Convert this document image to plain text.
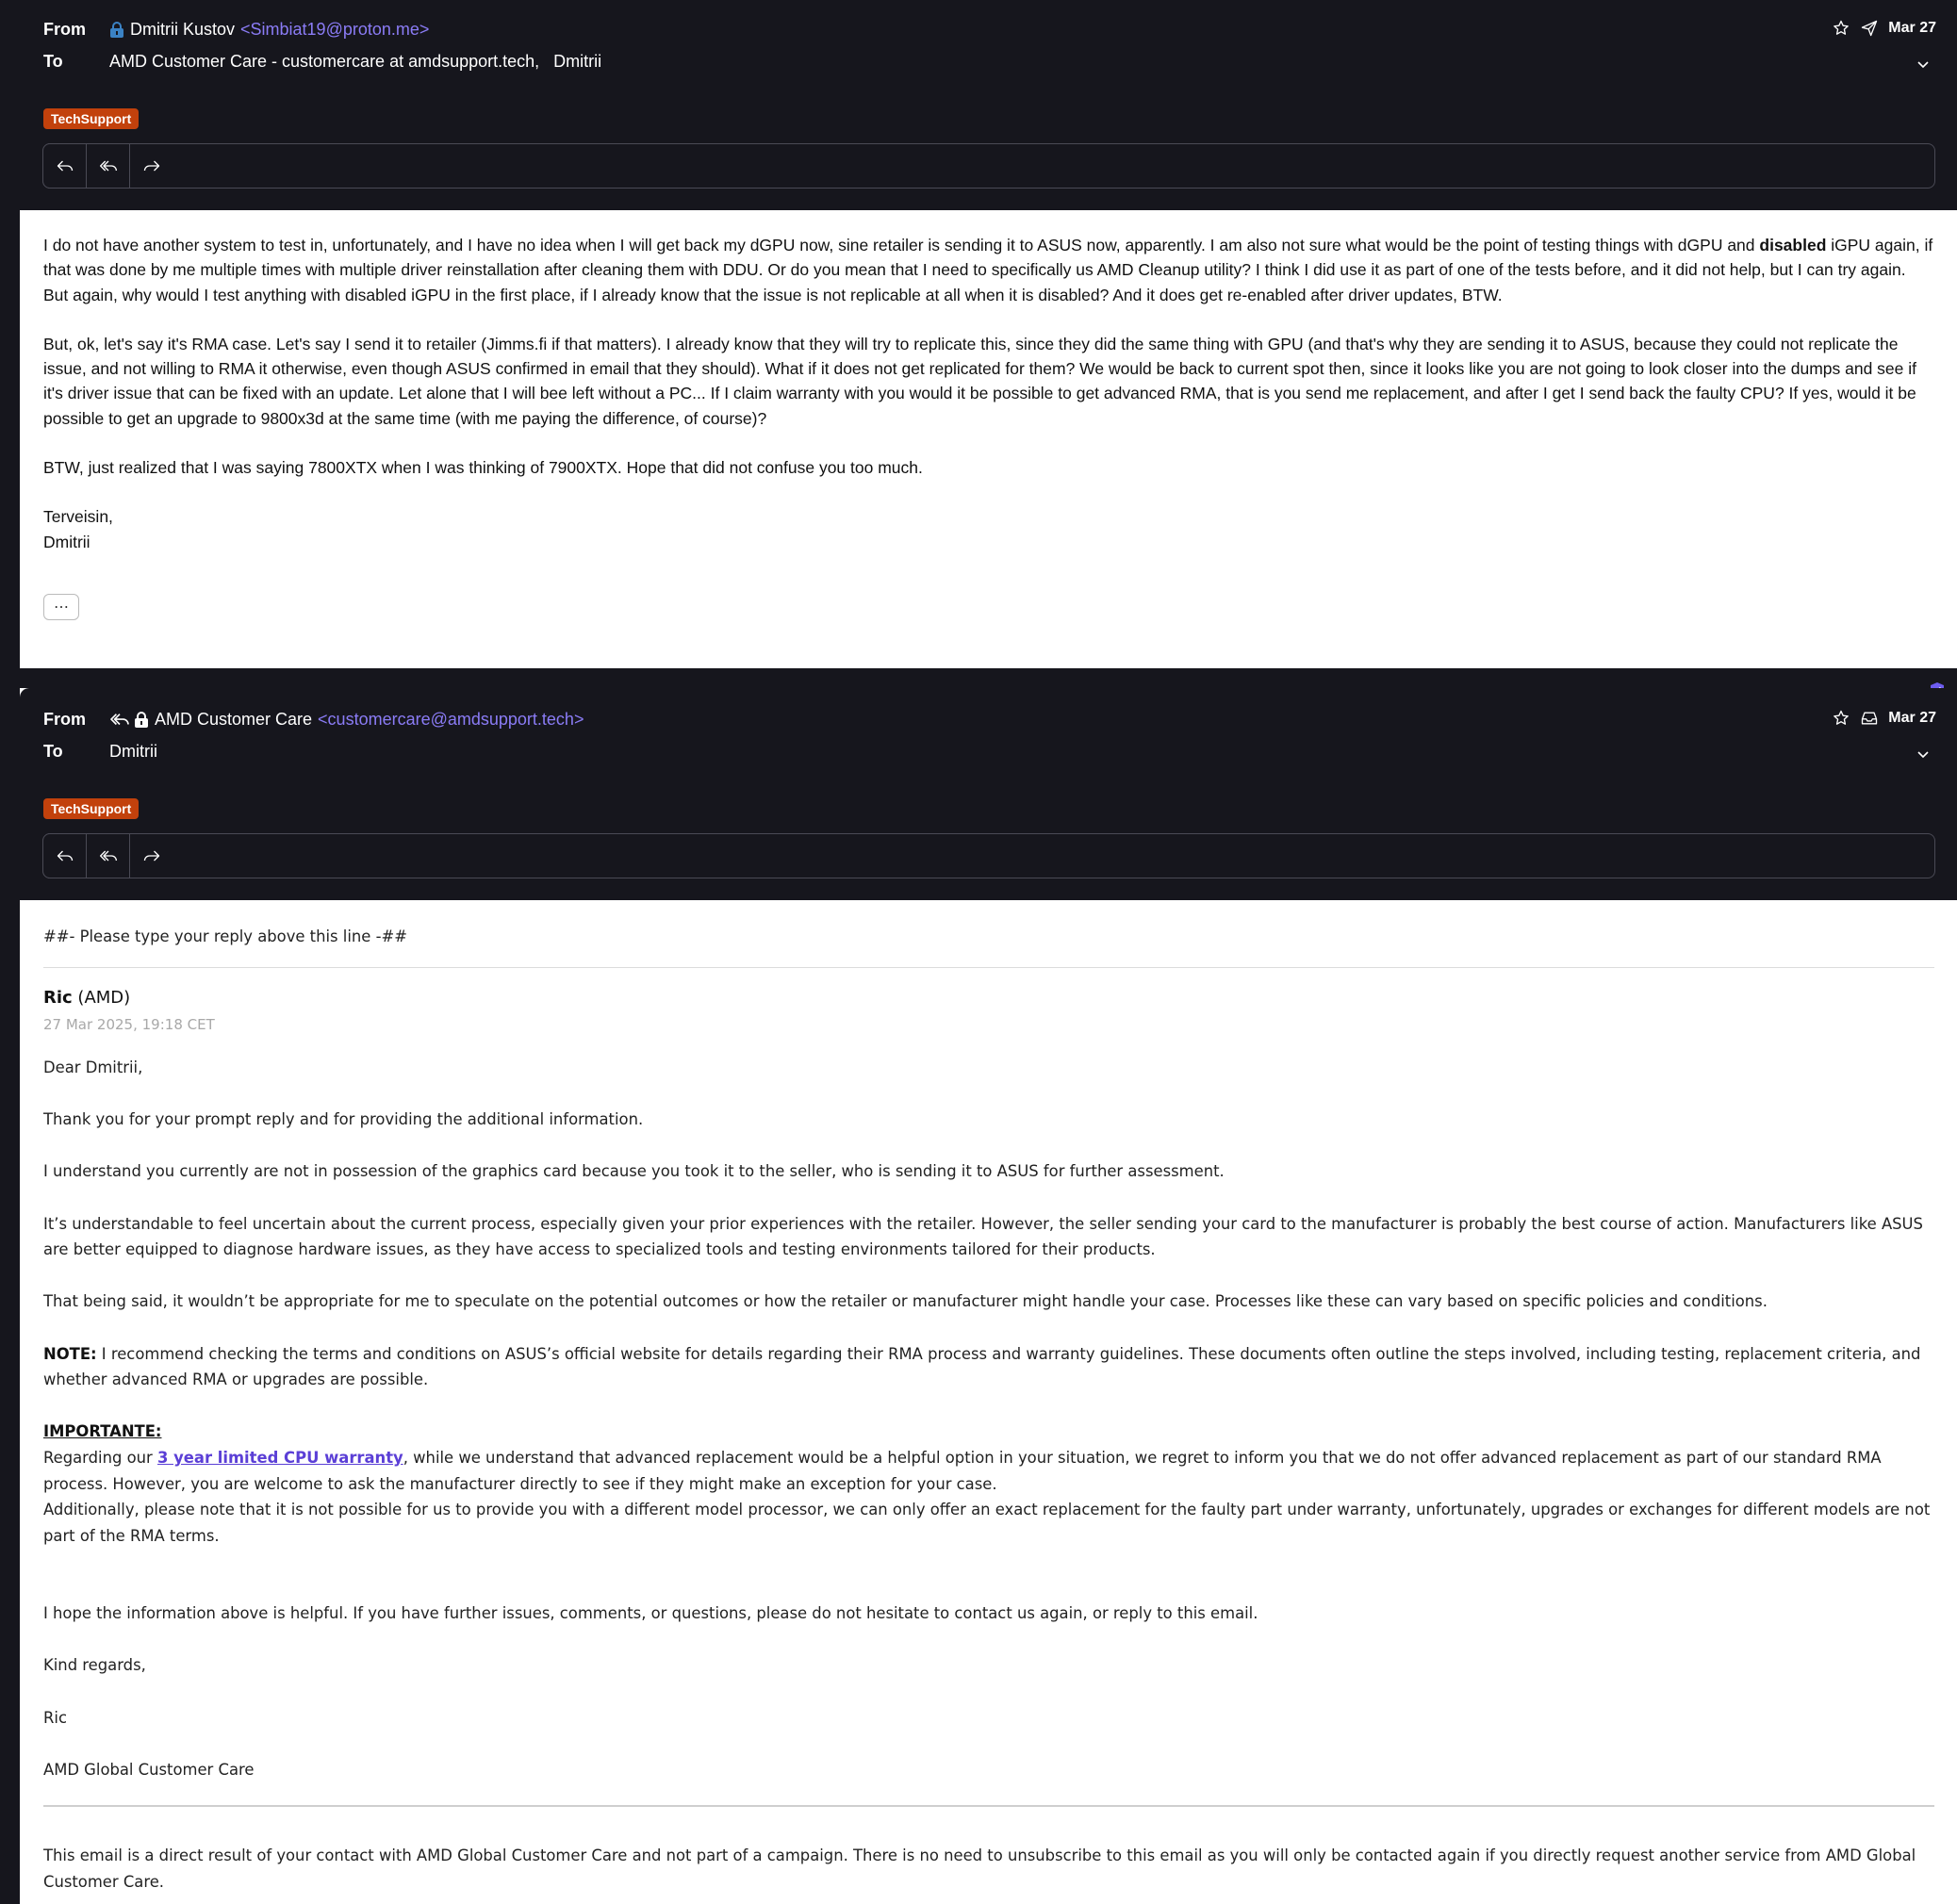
From	Dmitrii Kustov <Simbiat19@proton.me>	Mar 27
To	AMD Customer Care - customercare at amdsupport.tech,   Dmitrii
TechSupport

I do not have another system to test in, unfortunately, and I have no idea when I will get back my dGPU now, sine retailer is sending it to ASUS now, apparently. I am also not sure what would be the point of testing things with dGPU and disabled iGPU again, if that was done by me multiple times with multiple driver reinstallation after cleaning them with DDU. Or do you mean that I need to specifically us AMD Cleanup utility? I think I did use it as part of one of the tests before, and it did not help, but I can try again. But again, why would I test anything with disabled iGPU in the first place, if I already know that the issue is not replicable at all when it is disabled? And it does get re-enabled after driver updates, BTW.

But, ok, let's say it's RMA case. Let's say I send it to retailer (Jimms.fi if that matters). I already know that they will try to replicate this, since they did the same thing with GPU (and that's why they are sending it to ASUS, because they could not replicate the issue, and not willing to RMA it otherwise, even though ASUS confirmed in email that they should). What if it does not get replicated for them? We would be back to current spot then, since it looks like you are not going to look closer into the dumps and see if it's driver issue that can be fixed with an update. Let alone that I will bee left without a PC... If I claim warranty with you would it be possible to get advanced RMA, that is you send me replacement, and after I get I send back the faulty CPU? If yes, would it be possible to get an upgrade to 9800x3d at the same time (with me paying the difference, of course)?

BTW, just realized that I was saying 7800XTX when I was thinking of 7900XTX. Hope that did not confuse you too much.

Terveisin,
Dmitrii

⋯
From	AMD Customer Care <customercare@amdsupport.tech>	Mar 27
To	Dmitrii
TechSupport
##- Please type your reply above this line -##
Ric (AMD)
27 Mar 2025, 19:18 CET

Dear Dmitrii,

Thank you for your prompt reply and for providing the additional information.

I understand you currently are not in possession of the graphics card because you took it to the seller, who is sending it to ASUS for further assessment.

It’s understandable to feel uncertain about the current process, especially given your prior experiences with the retailer. However, the seller sending your card to the manufacturer is probably the best course of action. Manufacturers like ASUS are better equipped to diagnose hardware issues, as they have access to specialized tools and testing environments tailored for their products.

That being said, it wouldn’t be appropriate for me to speculate on the potential outcomes or how the retailer or manufacturer might handle your case. Processes like these can vary based on specific policies and conditions.

NOTE: I recommend checking the terms and conditions on ASUS’s official website for details regarding their RMA process and warranty guidelines. These documents often outline the steps involved, including testing, replacement criteria, and whether advanced RMA or upgrades are possible.

IMPORTANTE:

Regarding our 3 year limited CPU warranty, while we understand that advanced replacement would be a helpful option in your situation, we regret to inform you that we do not offer advanced replacement as part of our standard RMA process. However, you are welcome to ask the manufacturer directly to see if they might make an exception for your case.

Additionally, please note that it is not possible for us to provide you with a different model processor, we can only offer an exact replacement for the faulty part under warranty, unfortunately, upgrades or exchanges for different models are not part of the RMA terms.

I hope the information above is helpful. If you have further issues, comments, or questions, please do not hesitate to contact us again, or reply to this email.

Kind regards,

Ric

AMD Global Customer Care

This email is a direct result of your contact with AMD Global Customer Care and not part of a campaign. There is no need to unsubscribe to this email as you will only be contacted again if you directly request another service from AMD Global Customer Care.
